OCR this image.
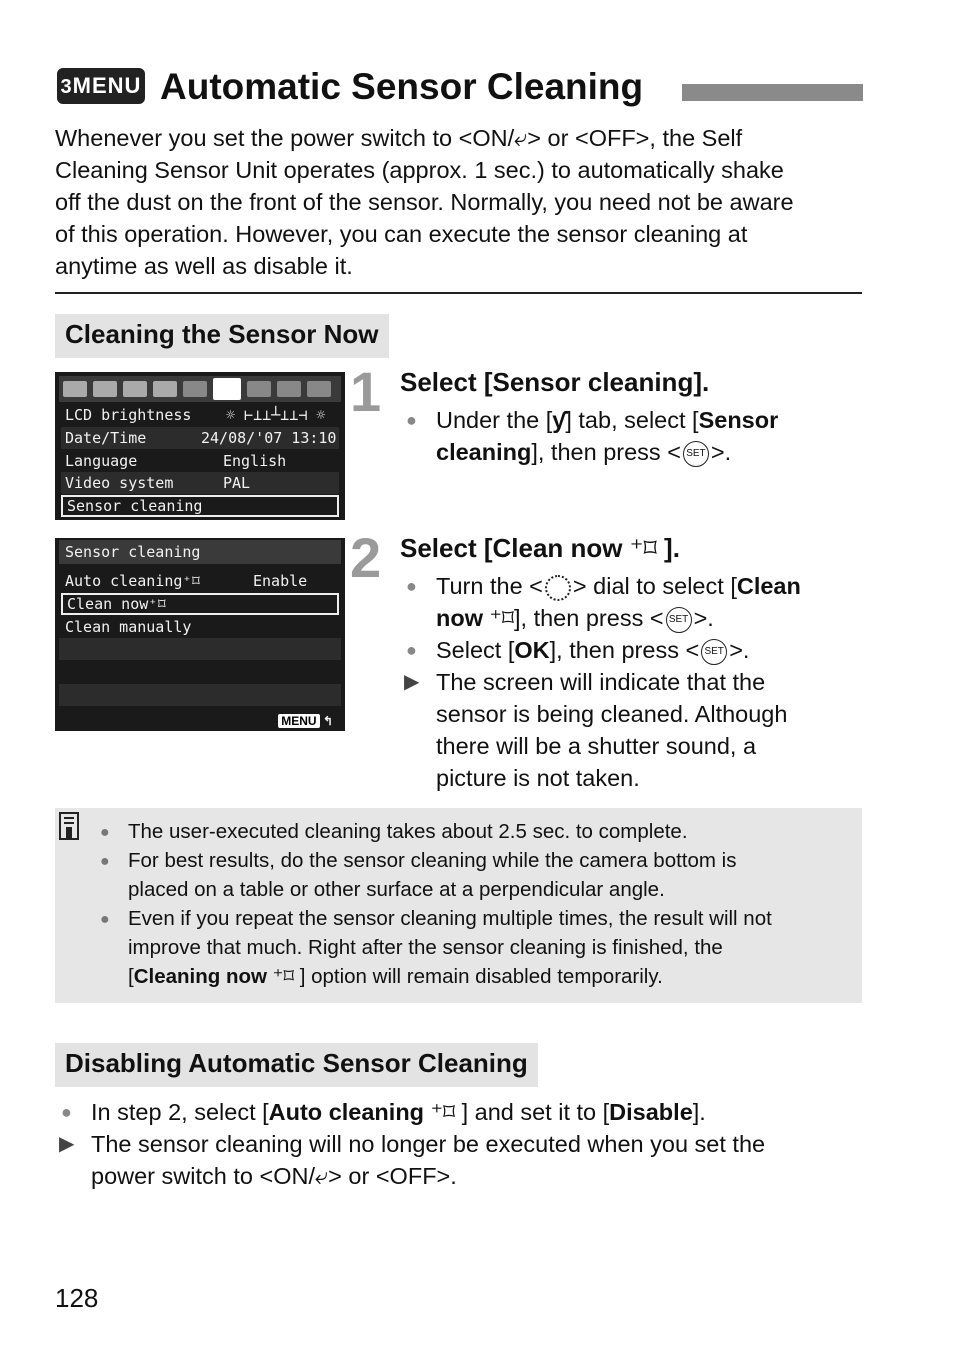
3MENU Automatic Sensor Cleaning
Whenever you set the power switch to <ON/⤶> or <OFF>, the Self
Cleaning Sensor Unit operates (approx. 1 sec.) to automatically shake
off the dust on the front of the sensor. Normally, you need not be aware
of this operation. However, you can execute the sensor cleaning at
anytime as well as disable it.
Cleaning the Sensor Now
LCD brightness ☼ ⊢⊥⊥┴⊥⊥⊣ ☼
Date/Time	24/08/'07 13:10
Language	English
Video system	PAL
Sensor cleaning
1 Select [Sensor cleaning].
● Under the [ƴ] tab, select [Sensor
cleaning], then press < SET >.
Sensor cleaning
Auto cleaning⁺⌑	Enable
Clean now⁺⌑
Clean manually
MENU ↰
2 Select [Clean now ⁺⌑ ].
● Turn the < > dial to select [Clean
now ⁺⌑], then press < SET >.
● Select [OK], then press < SET >.
▶ The screen will indicate that the
sensor is being cleaned. Although
there will be a shutter sound, a
picture is not taken.
● The user-executed cleaning takes about 2.5 sec. to complete.
● For best results, do the sensor cleaning while the camera bottom is
placed on a table or other surface at a perpendicular angle.
● Even if you repeat the sensor cleaning multiple times, the result will not
improve that much. Right after the sensor cleaning is finished, the
[Cleaning now ⁺⌑ ] option will remain disabled temporarily.
Disabling Automatic Sensor Cleaning
● In step 2, select [Auto cleaning ⁺⌑ ] and set it to [Disable].
▶ The sensor cleaning will no longer be executed when you set the
power switch to <ON/⤶> or <OFF>.
128
